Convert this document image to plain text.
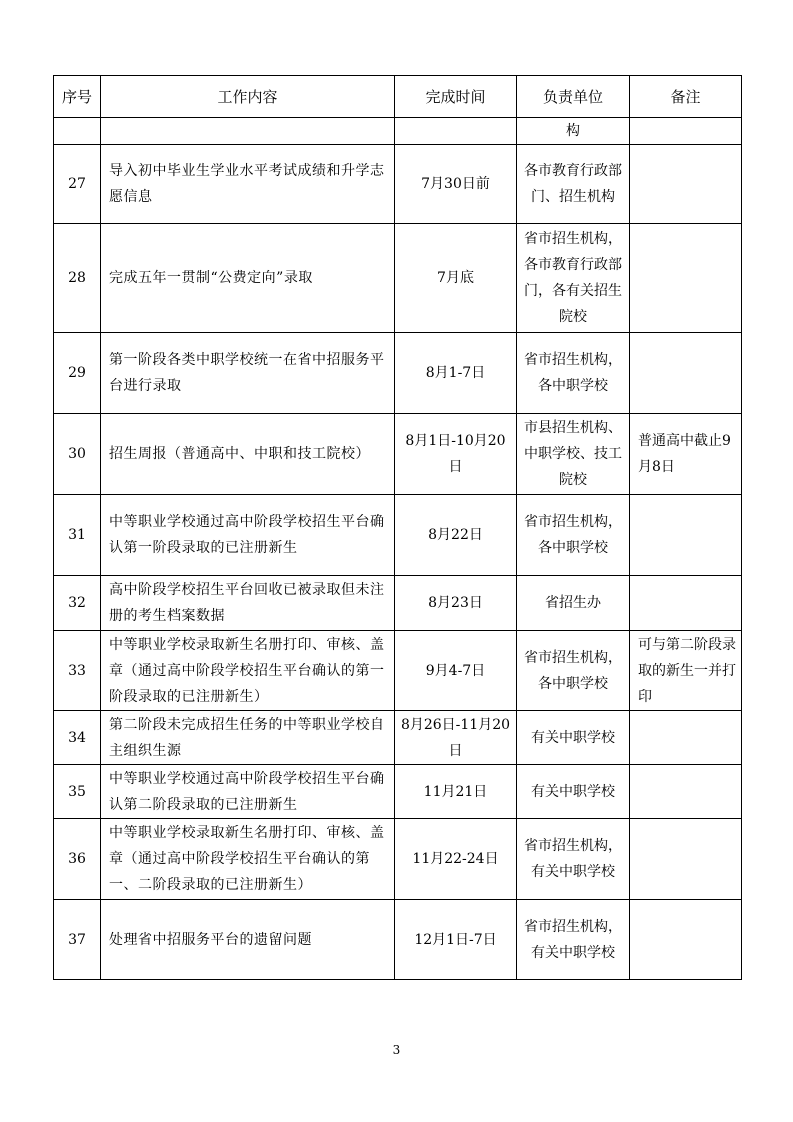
序号	工作内容	完成时间	负责单位	备注
			构	
27	导入初中毕业生学业水平考试成绩和升学志愿信息	7月30日前	各市教育行政部门、招生机构	
28	完成五年一贯制“公费定向”录取	7月底	省市招生机构，各市教育行政部门，各有关招生院校	
29	第一阶段各类中职学校统一在省中招服务平台进行录取	8月1-7日	省市招生机构，各中职学校	
30	招生周报（普通高中、中职和技工院校）	8月1日-10月20日	市县招生机构、中职学校、技工院校	普通高中截止9月8日
31	中等职业学校通过高中阶段学校招生平台确认第一阶段录取的已注册新生	8月22日	省市招生机构，各中职学校	
32	高中阶段学校招生平台回收已被录取但未注册的考生档案数据	8月23日	省招生办	
33	中等职业学校录取新生名册打印、审核、盖章（通过高中阶段学校招生平台确认的第一阶段录取的已注册新生）	9月4-7日	省市招生机构，各中职学校	可与第二阶段录取的新生一并打印
34	第二阶段未完成招生任务的中等职业学校自主组织生源	8月26日-11月20日	有关中职学校	
35	中等职业学校通过高中阶段学校招生平台确认第二阶段录取的已注册新生	11月21日	有关中职学校	
36	中等职业学校录取新生名册打印、审核、盖章（通过高中阶段学校招生平台确认的第一、二阶段录取的已注册新生）	11月22-24日	省市招生机构，有关中职学校	
37	处理省中招服务平台的遗留问题	12月1日-7日	省市招生机构，有关中职学校	
3
